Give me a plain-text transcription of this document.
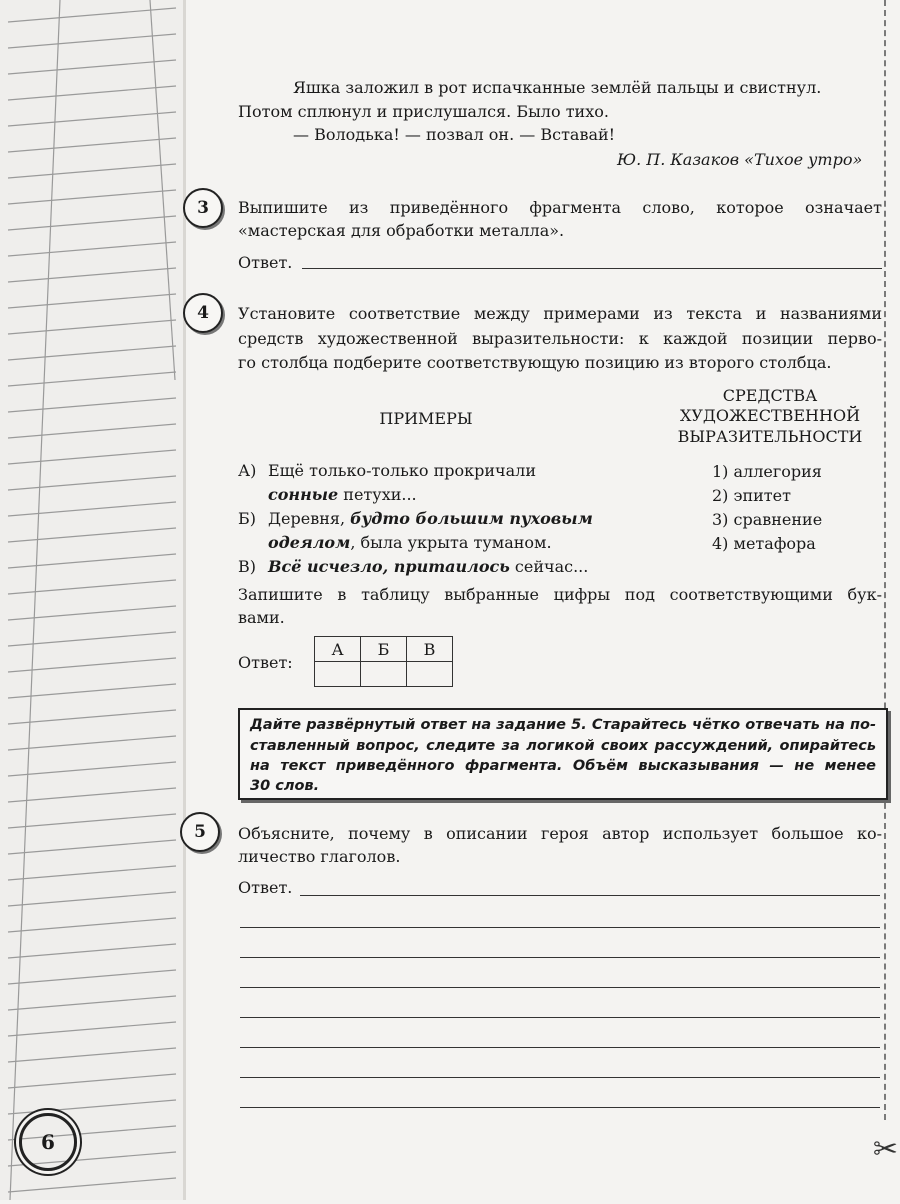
✂
6
Яшка заложил в рот испачканные землёй пальцы и свистнул.
Потом сплюнул и прислушался. Было тихо.
— Володька! — позвал он. — Вставай!
Ю. П. Казаков «Тихое утро»
3	Выпишите из приведённого фрагмента слово, которое означает
«мастерская для обработки металла».
Ответ.
4	Установите соответствие между примерами из текста и названиями
средств художественной выразительности: к каждой позиции перво-
го столбца подберите соответствующую позицию из второго столбца.
ПРИМЕРЫ
СРЕДСТВА
ХУДОЖЕСТВЕННОЙ
ВЫРАЗИТЕЛЬНОСТИ
А) Ещё только-только прокричали
сонные петухи...
Б) Деревня, будто большим пуховым
одеялом, была укрыта туманом.
В) Всё исчезло, притаилось сейчас...
1) аллегория
2) эпитет
3) сравнение
4) метафора
Запишите в таблицу выбранные цифры под соответствующими бук-
вами.
Ответ:
А	Б	В

Дайте развёрнутый ответ на задание 5. Старайтесь чётко отвечать на по-
ставленный вопрос, следите за логикой своих рассуждений, опирайтесь
на текст приведённого фрагмента. Объём высказывания — не менее
30 слов.
5	Объясните, почему в описании героя автор использует большое ко-
личество глаголов.
Ответ.
